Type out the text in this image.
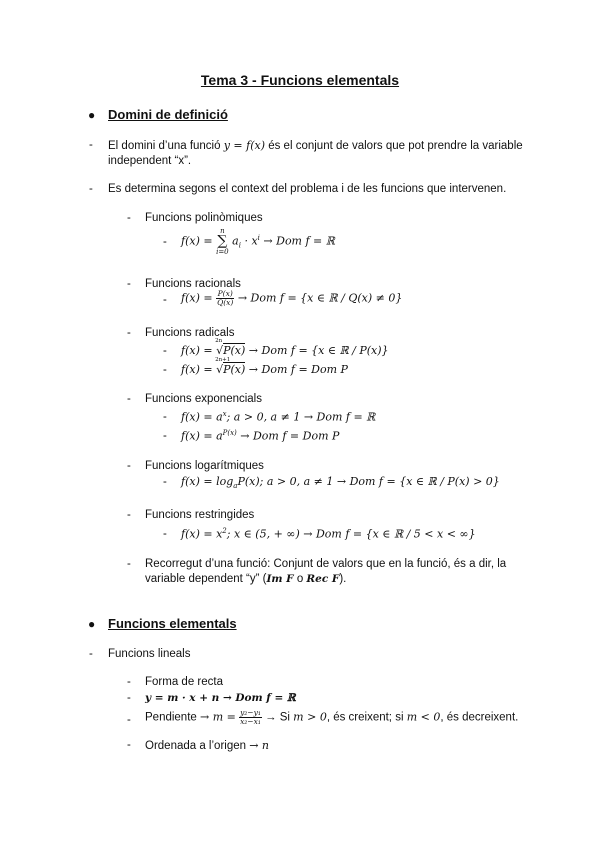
Tema 3 - Funcions elementals
● Domini de definició
- El domini d’una funció y = f(x) és el conjunt de valors que pot prendre la variable
independent “x”.
- Es determina segons el context del problema i de les funcions que intervenen.
- Funcions polinòmiques
- f(x) = n
∑
i=0 $a_i \cdot x^i$ → Dom f = ℝ
- Funcions racionals
- $f(x) = \frac{P(x)}{Q(x)}$ → Dom f = {x ∈ ℝ / Q(x) ≠ 0}
- Funcions radicals
- f(x) =
2n
√P(x) → Dom f = {x ∈ ℝ / P(x)}
- f(x) =
2n+1
√P(x) → Dom f = Dom P
- Funcions exponencials
- $f(x) = a^x$; a > 0, a ≠ 1 → Dom f = ℝ
- $f(x) = a^{P(x)}$ → Dom f = Dom P
- Funcions logarítmiques
- $f(x) = \log_aP(x)$; a > 0, a ≠ 1 → Dom f = {x ∈ ℝ / P(x) > 0}
- Funcions restringides
- $f(x) = x^2$; x ∈ (5, + ∞) → Dom f = {x ∈ ℝ / 5 < x < ∞}
- Recorregut d’una funció: Conjunt de valors que en la funció, és a dir, la
variable dependent “y” (Im F o Rec F).
● Funcions elementals
- Funcions lineals
- Forma de recta
- y = m · x + n → Dom f = ℝ
- Pendiente → $m = \frac{\text{y₂−y₁}}{\text{x₂−x₁}} \to Si$ m > 0, és creixent; si m < 0, és decreixent.
- Ordenada a l’origen → n
